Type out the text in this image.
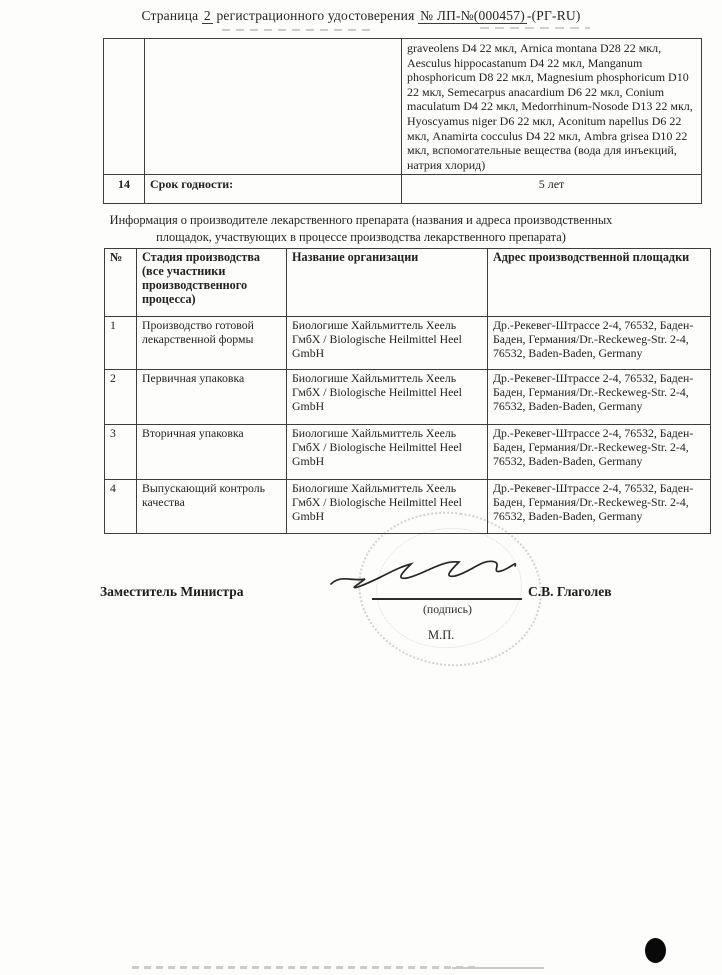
Страница 2 регистрационного удостоверения № ЛП-№(000457) -(РГ-RU)
		graveolens D4 22 мкл, Arnica montana D28 22 мкл, Aesculus hippocastanum D4 22 мкл, Manganum phosphoricum D8 22 мкл, Magnesium phosphoricum D10 22 мкл, Semecarpus anacardium D6 22 мкл, Conium maculatum D4 22 мкл, Medorrhinum-Nosode D13 22 мкл, Hyoscyamus niger D6 22 мкл, Aconitum napellus D6 22 мкл, Anamirta cocculus D4 22 мкл, Ambra grisea D10 22 мкл, вспомогательные вещества (вода для инъекций, натрия хлорид)
14	Срок годности:	5 лет
Информация о производителе лекарственного препарата (названия и адреса производственных площадок, участвующих в процессе производства лекарственного препарата)
№	Стадия производства (все участники производственного процесса)	Название организации	Адрес производственной площадки
1	Производство готовой лекарственной формы	Биологише Хайльмиттель Хеель ГмбХ / Biologische Heilmittel Heel GmbH	Др.-Рекевег-Штрассе 2-4, 76532, Баден-Баден, Германия/Dr.-Reckeweg-Str. 2-4, 76532, Baden-Baden, Germany
2	Первичная упаковка	Биологише Хайльмиттель Хеель ГмбХ / Biologische Heilmittel Heel GmbH	Др.-Рекевег-Штрассе 2-4, 76532, Баден-Баден, Германия/Dr.-Reckeweg-Str. 2-4, 76532, Baden-Baden, Germany
3	Вторичная упаковка	Биологише Хайльмиттель Хеель ГмбХ / Biologische Heilmittel Heel GmbH	Др.-Рекевег-Штрассе 2-4, 76532, Баден-Баден, Германия/Dr.-Reckeweg-Str. 2-4, 76532, Baden-Baden, Germany
4	Выпускающий контроль качества	Биологише Хайльмиттель Хеель ГмбХ / Biologische Heilmittel Heel GmbH	Др.-Рекевег-Штрассе 2-4, 76532, Баден-Баден, Германия/Dr.-Reckeweg-Str. 2-4, 76532, Baden-Baden, Germany
Заместитель Министра	С.В. Глаголев
(подпись)
М.П.
